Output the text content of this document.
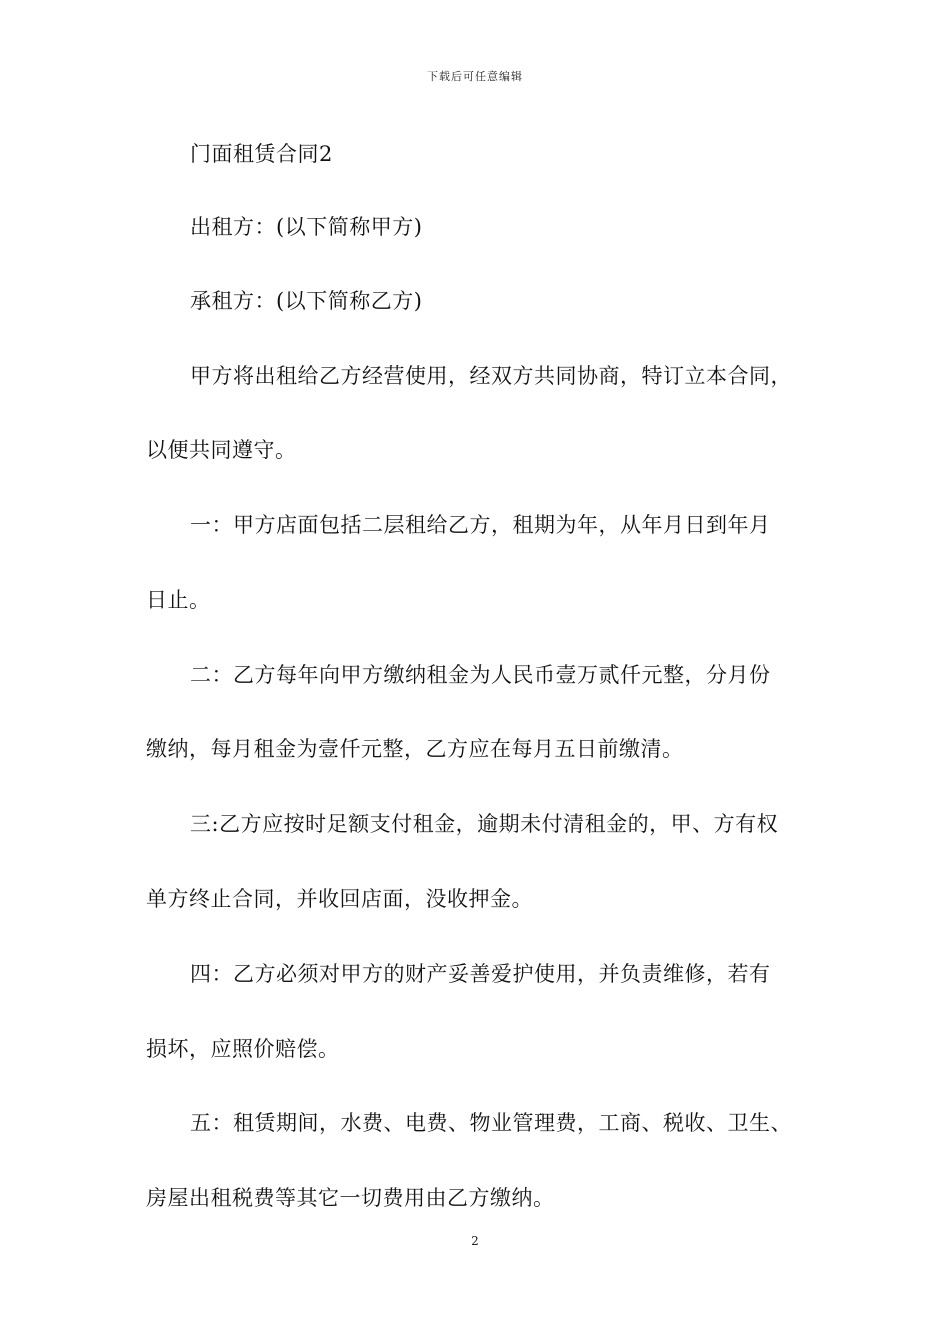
下载后可任意编辑
门面租赁合同2
出租方：(以下简称甲方)
承租方：(以下简称乙方)
甲方将出租给乙方经营使用，经双方共同协商，特订立本合同，
以便共同遵守。
一：甲方店面包括二层租给乙方，租期为年，从年月日到年月
日止。
二：乙方每年向甲方缴纳租金为人民币壹万贰仟元整，分月份
缴纳，每月租金为壹仟元整，乙方应在每月五日前缴清。
三:乙方应按时足额支付租金，逾期未付清租金的，甲、方有权
单方终止合同，并收回店面，没收押金。
四：乙方必须对甲方的财产妥善爱护使用，并负责维修，若有
损坏，应照价赔偿。
五：租赁期间，水费、电费、物业管理费，工商、税收、卫生、
房屋出租税费等其它一切费用由乙方缴纳。
2
